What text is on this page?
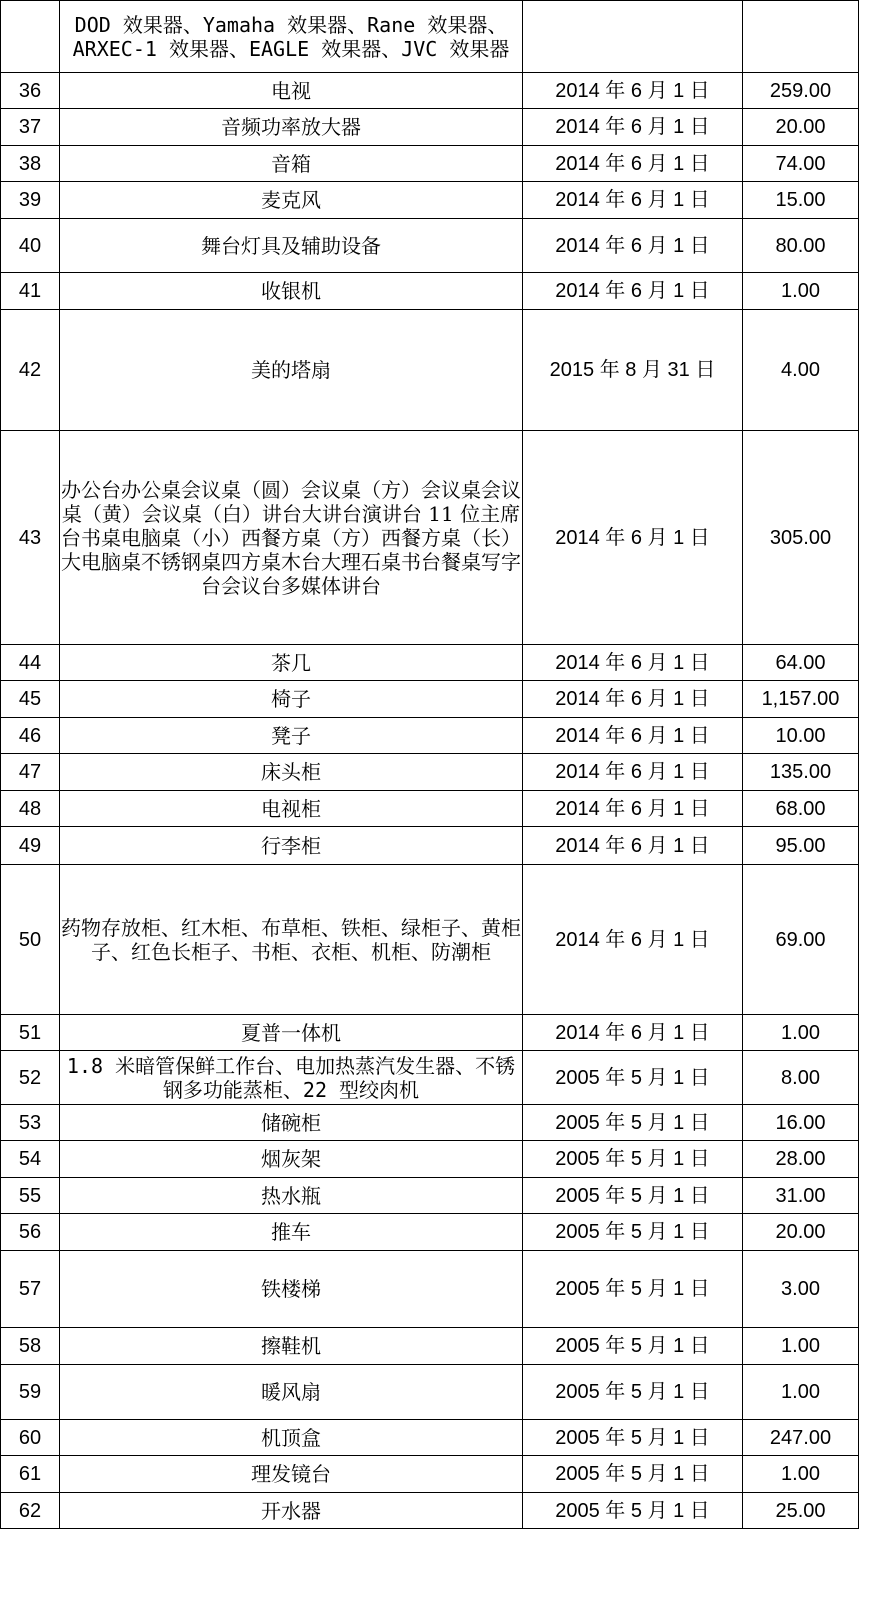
	DOD 效果器、Yamaha 效果器、Rane 效果器、ARXEC-1 效果器、EAGLE 效果器、JVC 效果器		
36	电视	2014 年 6 月 1 日	259.00
37	音频功率放大器	2014 年 6 月 1 日	20.00
38	音箱	2014 年 6 月 1 日	74.00
39	麦克风	2014 年 6 月 1 日	15.00
40	舞台灯具及辅助设备	2014 年 6 月 1 日	80.00
41	收银机	2014 年 6 月 1 日	1.00
42	美的塔扇	2015 年 8 月 31 日	4.00
43	办公台办公桌会议桌（圆）会议桌（方）会议桌会议桌（黄）会议桌（白）讲台大讲台演讲台 11 位主席台书桌电脑桌（小）西餐方桌（方）西餐方桌（长）大电脑桌不锈钢桌四方桌木台大理石桌书台餐桌写字台会议台多媒体讲台	2014 年 6 月 1 日	305.00
44	茶几	2014 年 6 月 1 日	64.00
45	椅子	2014 年 6 月 1 日	1,157.00
46	凳子	2014 年 6 月 1 日	10.00
47	床头柜	2014 年 6 月 1 日	135.00
48	电视柜	2014 年 6 月 1 日	68.00
49	行李柜	2014 年 6 月 1 日	95.00
50	药物存放柜、红木柜、布草柜、铁柜、绿柜子、黄柜子、红色长柜子、书柜、衣柜、机柜、防潮柜	2014 年 6 月 1 日	69.00
51	夏普一体机	2014 年 6 月 1 日	1.00
52	1.8 米暗管保鲜工作台、电加热蒸汽发生器、不锈钢多功能蒸柜、22 型绞肉机	2005 年 5 月 1 日	8.00
53	储碗柜	2005 年 5 月 1 日	16.00
54	烟灰架	2005 年 5 月 1 日	28.00
55	热水瓶	2005 年 5 月 1 日	31.00
56	推车	2005 年 5 月 1 日	20.00
57	铁楼梯	2005 年 5 月 1 日	3.00
58	擦鞋机	2005 年 5 月 1 日	1.00
59	暖风扇	2005 年 5 月 1 日	1.00
60	机顶盒	2005 年 5 月 1 日	247.00
61	理发镜台	2005 年 5 月 1 日	1.00
62	开水器	2005 年 5 月 1 日	25.00
